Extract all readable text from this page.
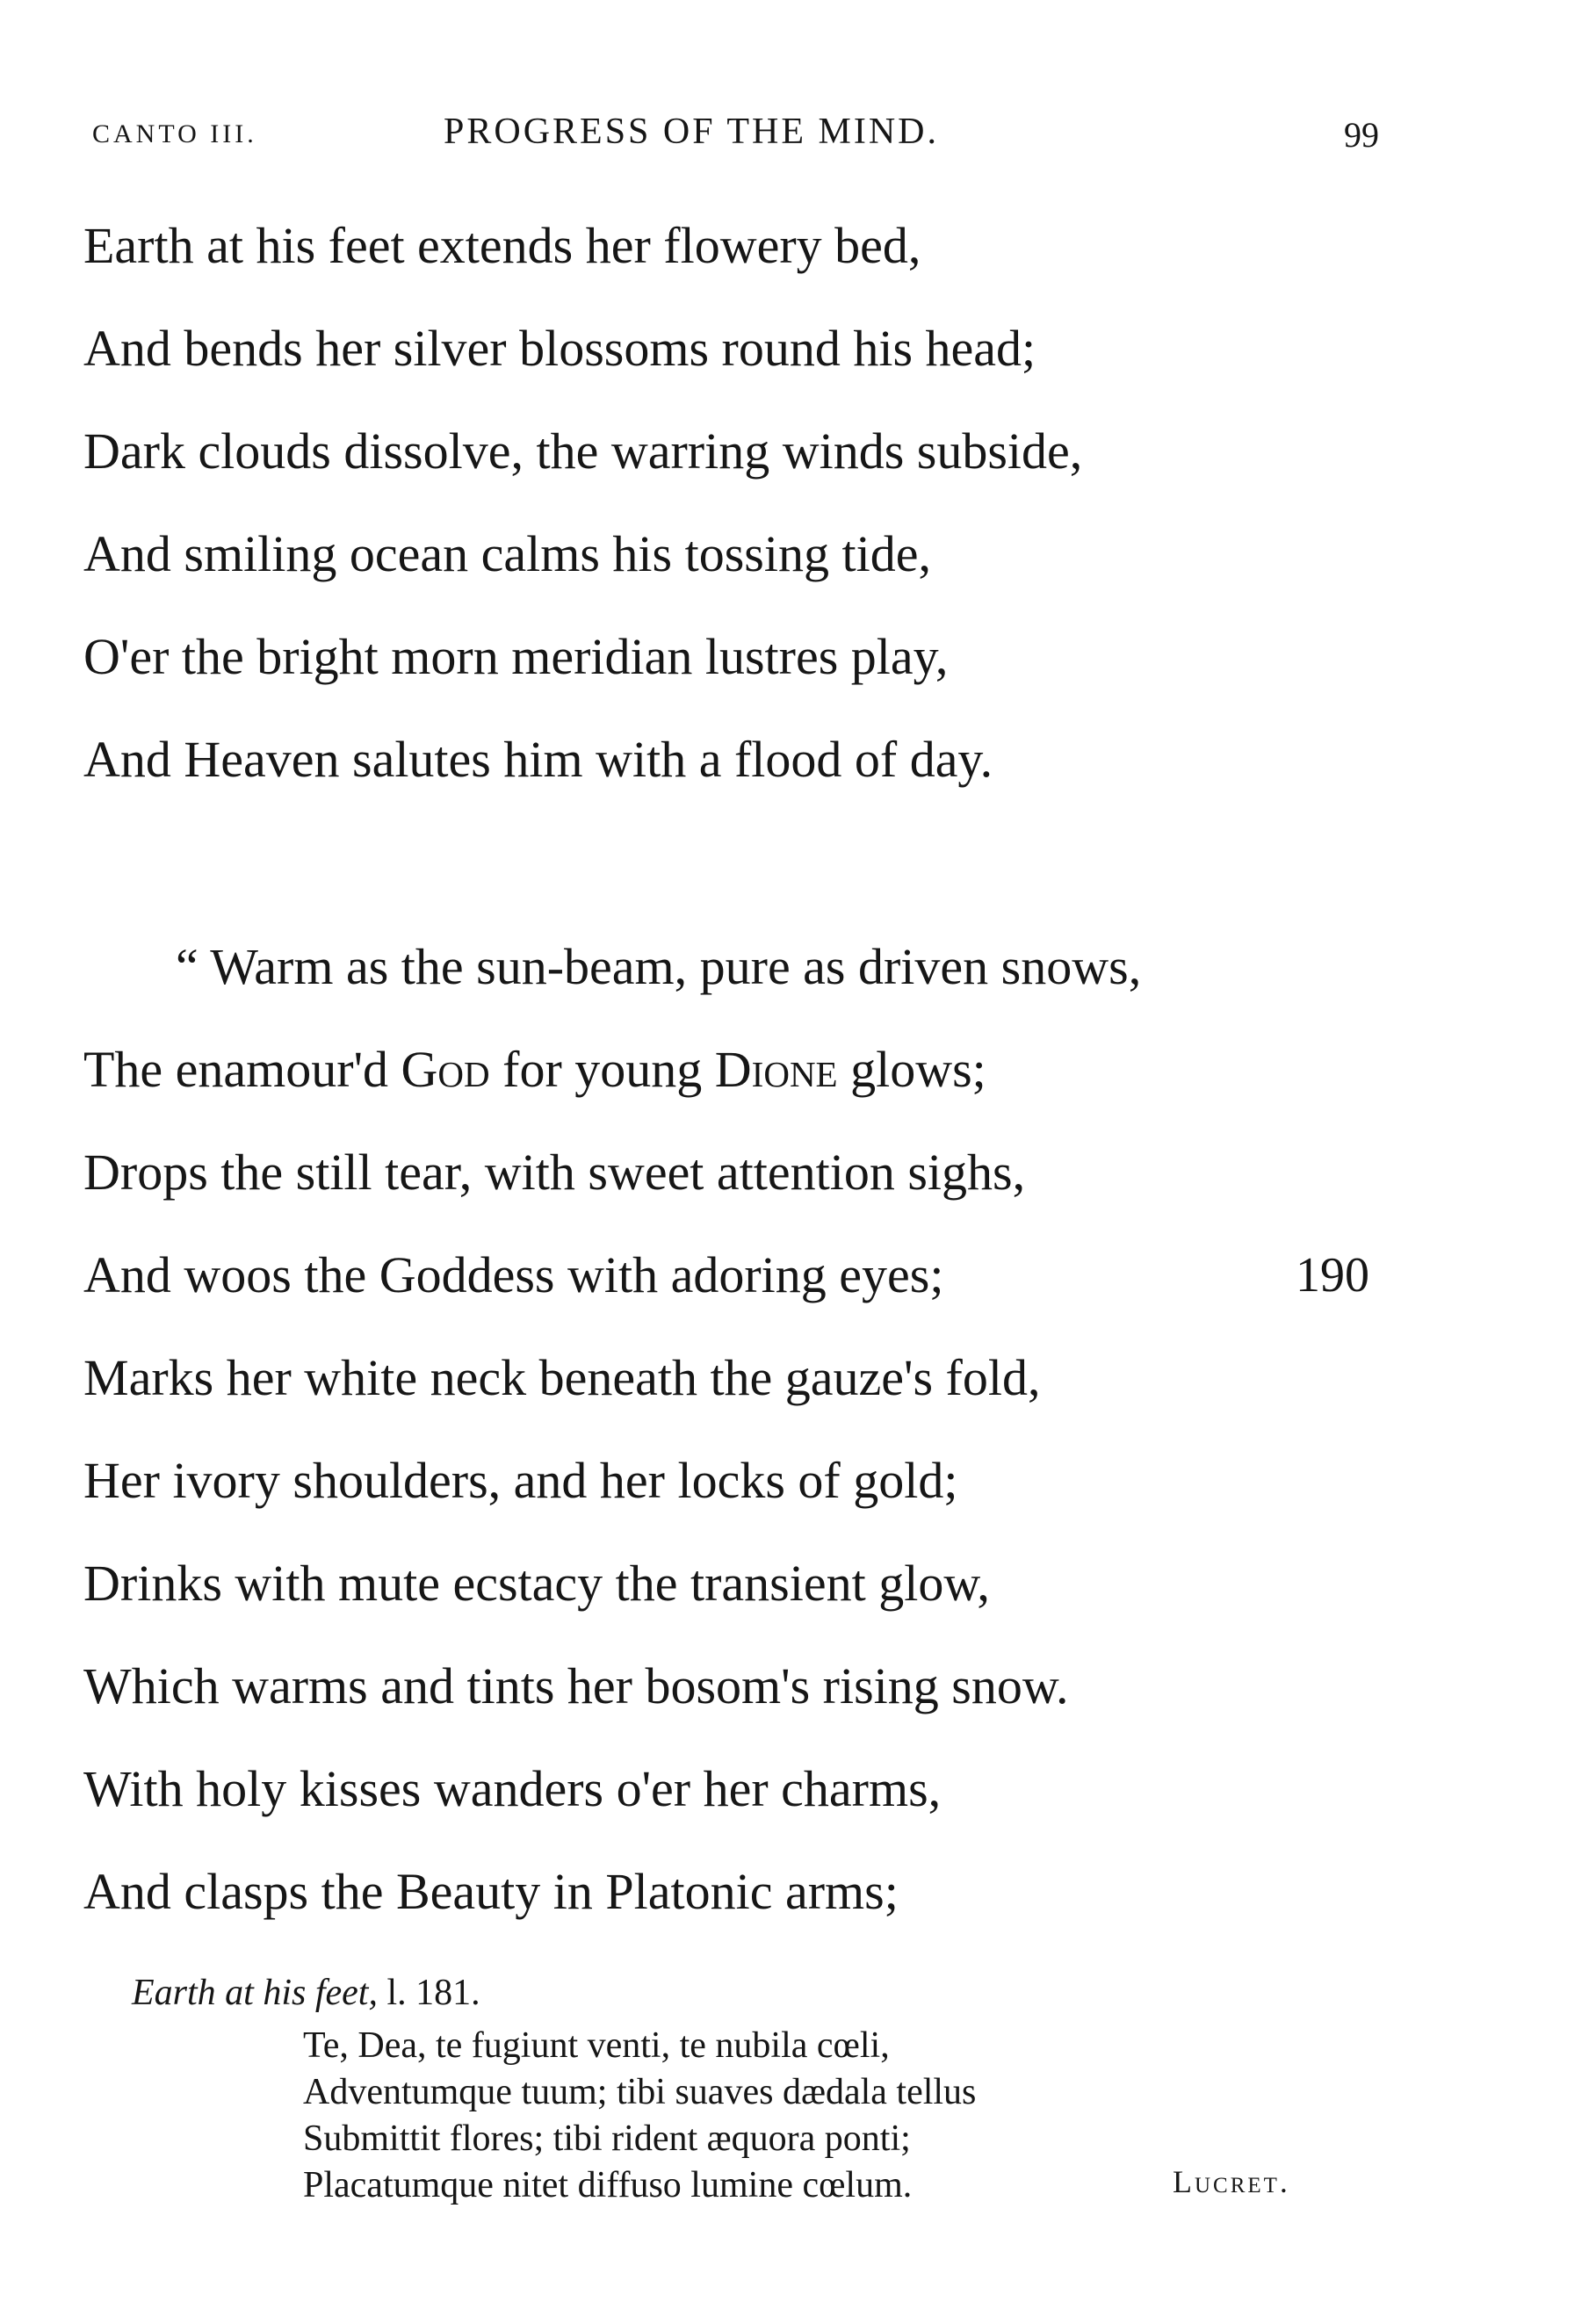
CANTO III.	PROGRESS OF THE MIND.	99
Earth at his feet extends her flowery bed,
And bends her silver blossoms round his head;
Dark clouds dissolve, the warring winds subside,
And smiling ocean calms his tossing tide,
O'er the bright morn meridian lustres play,
And Heaven salutes him with a flood of day.
“ Warm as the sun-beam, pure as driven snows,
The enamour'd God for young Dione glows;
Drops the still tear, with sweet attention sighs,
And woos the Goddess with adoring eyes;	190
Marks her white neck beneath the gauze's fold,
Her ivory shoulders, and her locks of gold;
Drinks with mute ecstacy the transient glow,
Which warms and tints her bosom's rising snow.
With holy kisses wanders o'er her charms,
And clasps the Beauty in Platonic arms;
Earth at his feet, l. 181.
Te, Dea, te fugiunt venti, te nubila cœli,
Adventumque tuum; tibi suaves dædala tellus
Submittit flores; tibi rident æquora ponti;
Placatumque nitet diffuso lumine cœlum.	Lucret.
